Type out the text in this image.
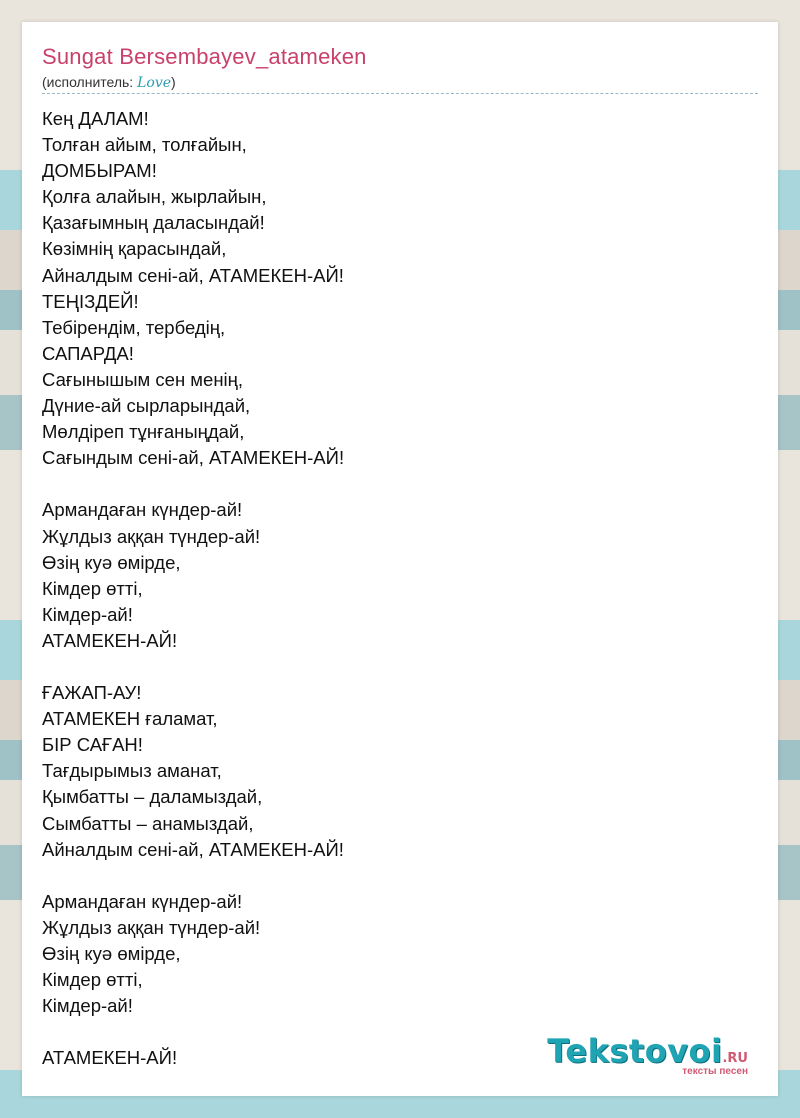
Sungat Bersembayev_atameken
(исполнитель: Love)
Кең ДАЛАМ!
Толған айым, толғайын,
ДОМБЫРАМ!
Қолға алайын, жырлайын,
Қазағымның даласындай!
Көзімнің қарасындай,
Айналдым сені-ай, АТАМЕКЕН-АЙ!
ТЕҢІЗДЕЙ!
Тебірендім, тербедің,
САПАРДА!
Сағынышым сен менің,
Дүние-ай сырларындай,
Мөлдіреп тұнғаныңдай,
Сағындым сені-ай, АТАМЕКЕН-АЙ!

Армандаған күндер-ай!
Жұлдыз аққан түндер-ай!
Өзің куә өмірде,
Кімдер өтті,
Кімдер-ай!
АТАМЕКЕН-АЙ!

ҒАЖАП-АУ!
АТАМЕКЕН ғаламат,
БІР САҒАН!
Тағдырымыз аманат,
Қымбатты – даламыздай,
Сымбатты – анамыздай,
Айналдым сені-ай, АТАМЕКЕН-АЙ!

Армандаған күндер-ай!
Жұлдыз аққан түндер-ай!
Өзің куә өмірде,
Кімдер өтті,
Кімдер-ай!

АТАМЕКЕН-АЙ!	Tekstovoi.RU
тексты песен
